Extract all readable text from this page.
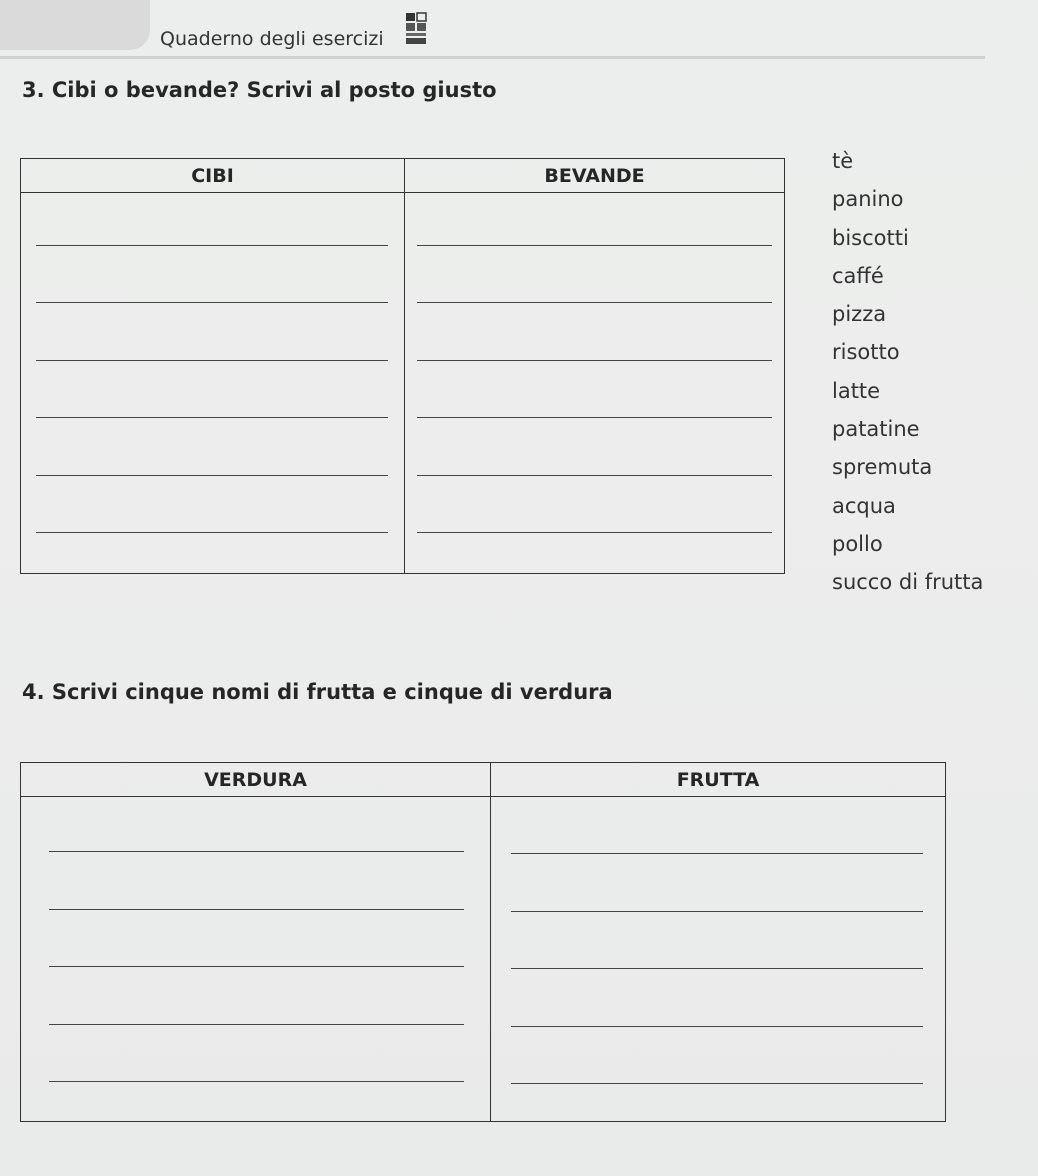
Quaderno degli esercizi
3. Cibi o bevande? Scrivi al posto giusto
CIBI	BEVANDE
tè
panino
biscotti
caffé
pizza
risotto
latte
patatine
spremuta
acqua
pollo
succo di frutta
4. Scrivi cinque nomi di frutta e cinque di verdura
VERDURA	FRUTTA
